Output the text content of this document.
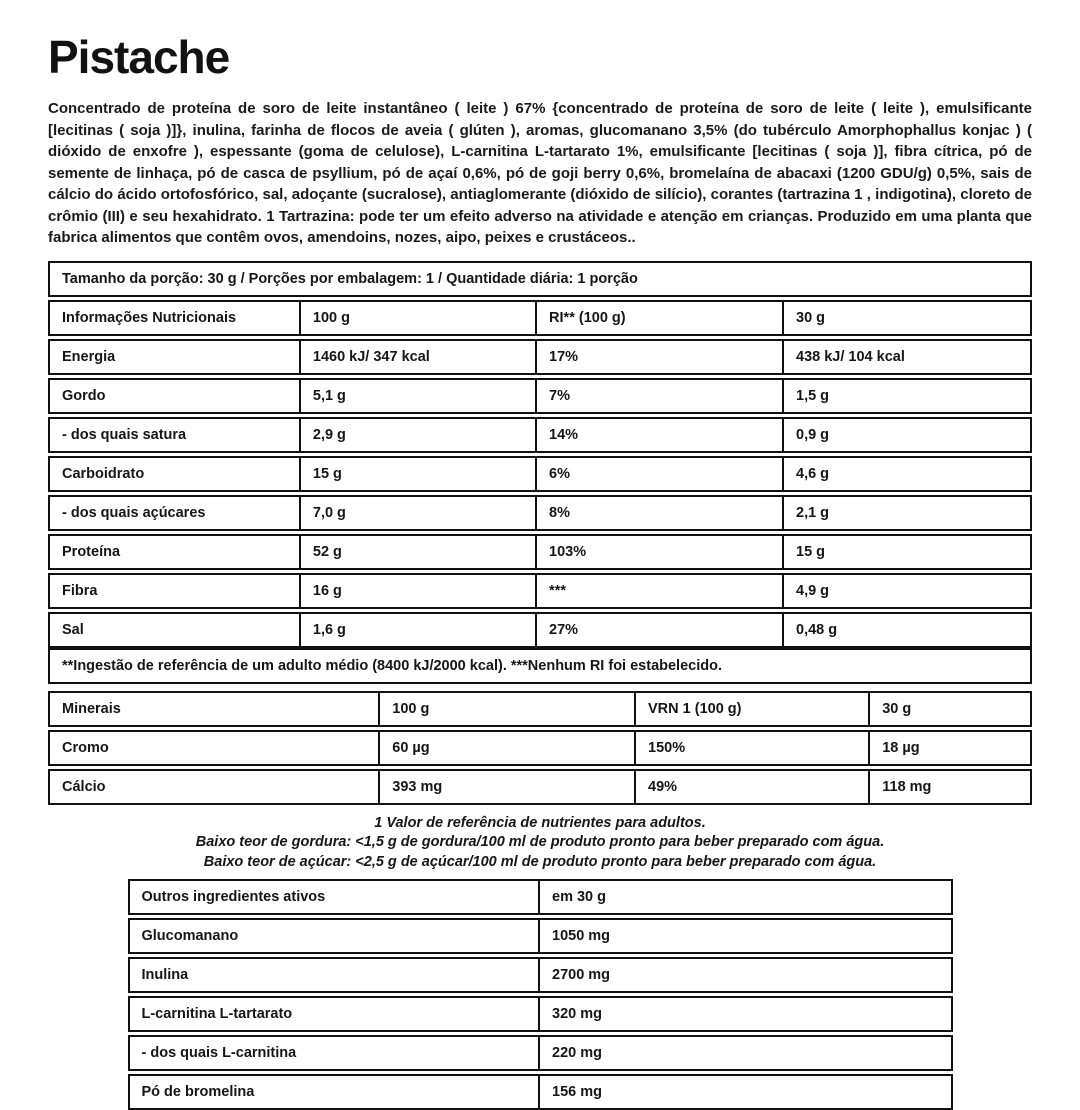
Pistache

Concentrado de proteína de soro de leite instantâneo ( leite ) 67% {concentrado de proteína de soro de leite ( leite ), emulsificante [lecitinas ( soja )]}, inulina, farinha de flocos de aveia ( glúten ), aromas, glucomanano 3,5% (do tubérculo Amorphophallus konjac ) ( dióxido de enxofre ), espessante (goma de celulose), L-carnitina L-tartarato 1%, emulsificante [lecitinas ( soja )], fibra cítrica, pó de semente de linhaça, pó de casca de psyllium, pó de açaí 0,6%, pó de goji berry 0,6%, bromelaína de abacaxi (1200 GDU/g) 0,5%, sais de cálcio do ácido ortofosfórico, sal, adoçante (sucralose), antiaglomerante (dióxido de silício), corantes (tartrazina 1 , indigotina), cloreto de crômio (III) e seu hexahidrato. 1 Tartrazina: pode ter um efeito adverso na atividade e atenção em crianças. Produzido em uma planta que fabrica alimentos que contêm ovos, amendoins, nozes, aipo, peixes e crustáceos..

Tamanho da porção: 30 g / Porções por embalagem: 1 / Quantidade diária: 1 porção
Informações Nutricionais	100 g	RI** (100 g)	30 g
Energia	1460 kJ/ 347 kcal	17%	438 kJ/ 104 kcal
Gordo	5,1 g	7%	1,5 g
- dos quais satura	2,9 g	14%	0,9 g
Carboidrato	15 g	6%	4,6 g
- dos quais açúcares	7,0 g	8%	2,1 g
Proteína	52 g	103%	15 g
Fibra	16 g	***	4,9 g
Sal	1,6 g	27%	0,48 g
**Ingestão de referência de um adulto médio (8400 kJ/2000 kcal). ***Nenhum RI foi estabelecido.
Minerais	100 g	VRN 1 (100 g)	30 g
Cromo	60 µg	150%	18 µg
Cálcio	393 mg	49%	118 mg
1 Valor de referência de nutrientes para adultos.
Baixo teor de gordura: <1,5 g de gordura/100 ml de produto pronto para beber preparado com água.
Baixo teor de açúcar: <2,5 g de açúcar/100 ml de produto pronto para beber preparado com água.
Outros ingredientes ativos	em 30 g
Glucomanano	1050 mg
Inulina	2700 mg
L-carnitina L-tartarato	320 mg
- dos quais L-carnitina	220 mg
Pó de bromelina	156 mg
